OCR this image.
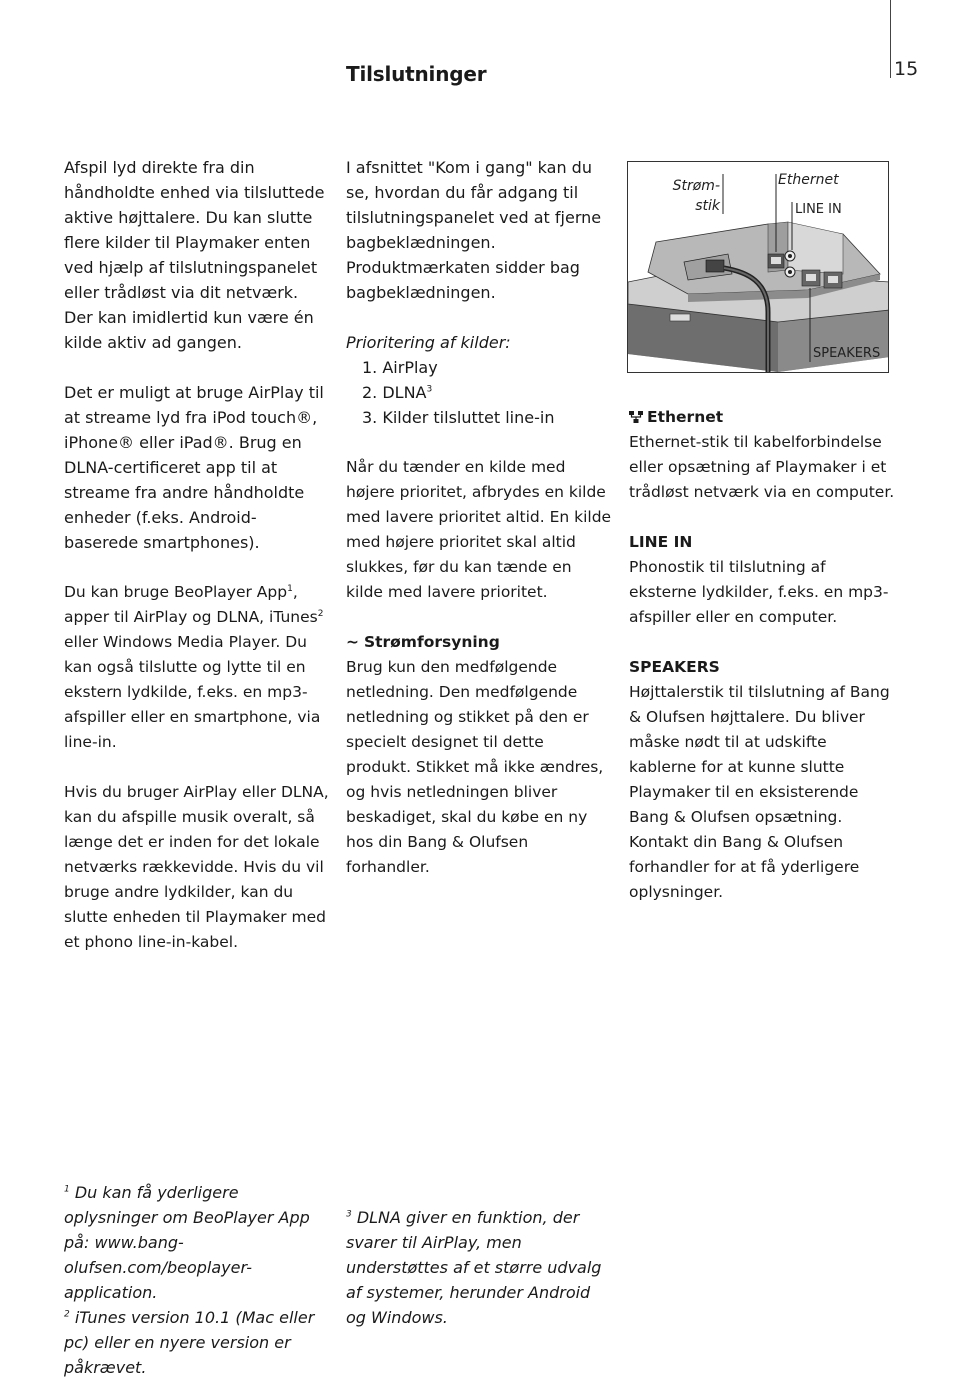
Tilslutninger	15

Afspil lyd direkte fra din håndholdte enhed via tilsluttede aktive højttalere. Du kan slutte flere kilder til Playmaker enten ved hjælp af tilslutningspanelet eller trådløst via dit netværk. Der kan imidlertid kun være én kilde aktiv ad gangen.

Det er muligt at bruge AirPlay til at streame lyd fra iPod touch®, iPhone® eller iPad®. Brug en DLNA-certificeret app til at streame fra andre håndholdte enheder (f.eks. Android-baserede smartphones).

Du kan bruge BeoPlayer App$^1$, apper til AirPlay og DLNA, iTunes$^2$ eller Windows Media Player. Du kan også tilslutte og lytte til en ekstern lydkilde, f.eks. en mp3-afspiller eller en smartphone, via line-in.

Hvis du bruger AirPlay eller DLNA, kan du afspille musik overalt, så længe det er inden for det lokale netværks rækkevidde. Hvis du vil bruge andre lydkilder, kan du slutte enheden til Playmaker med et phono line-in-kabel.

I afsnittet "Kom i gang" kan du se, hvordan du får adgang til tilslutningspanelet ved at fjerne bagbeklædningen. Produktmærkaten sidder bag bagbeklædningen.

Prioritering af kilder:

1. AirPlay
2. DLNA$^3$
3. Kilder tilsluttet line-in

Når du tænder en kilde med højere prioritet, afbrydes en kilde med lavere prioritet altid. En kilde med højere prioritet skal altid slukkes, før du kan tænde en kilde med lavere prioritet.

~ Strømforsyning
Brug kun den medfølgende netledning. Den medfølgende netledning og stikket på den er specielt designet til dette produkt. Stikket må ikke ændres, og hvis netledningen bliver beskadiget, skal du købe en ny hos din Bang & Olufsen forhandler.

Strøm-
stik
Ethernet
LINE IN
SPEAKERS

Ethernet
Ethernet-stik til kabelforbindelse eller opsætning af Playmaker i et trådløst netværk via en computer.

LINE IN
Phonostik til tilslutning af eksterne lydkilder, f.eks. en mp3-afspiller eller en computer.

SPEAKERS
Højttalerstik til tilslutning af Bang & Olufsen højttalere. Du bliver måske nødt til at udskifte kablerne for at kunne slutte Playmaker til en eksisterende Bang & Olufsen opsætning. Kontakt din Bang & Olufsen forhandler for at få yderligere oplysninger.

$^1$ Du kan få yderligere oplysninger om BeoPlayer App på: www.bang-olufsen.com/beoplayer-application.

$^2$ iTunes version 10.1 (Mac eller pc) eller en nyere version er påkrævet.

$^3$ DLNA giver en funktion, der svarer til AirPlay, men understøttes af et større udvalg af systemer, herunder Android og Windows.
